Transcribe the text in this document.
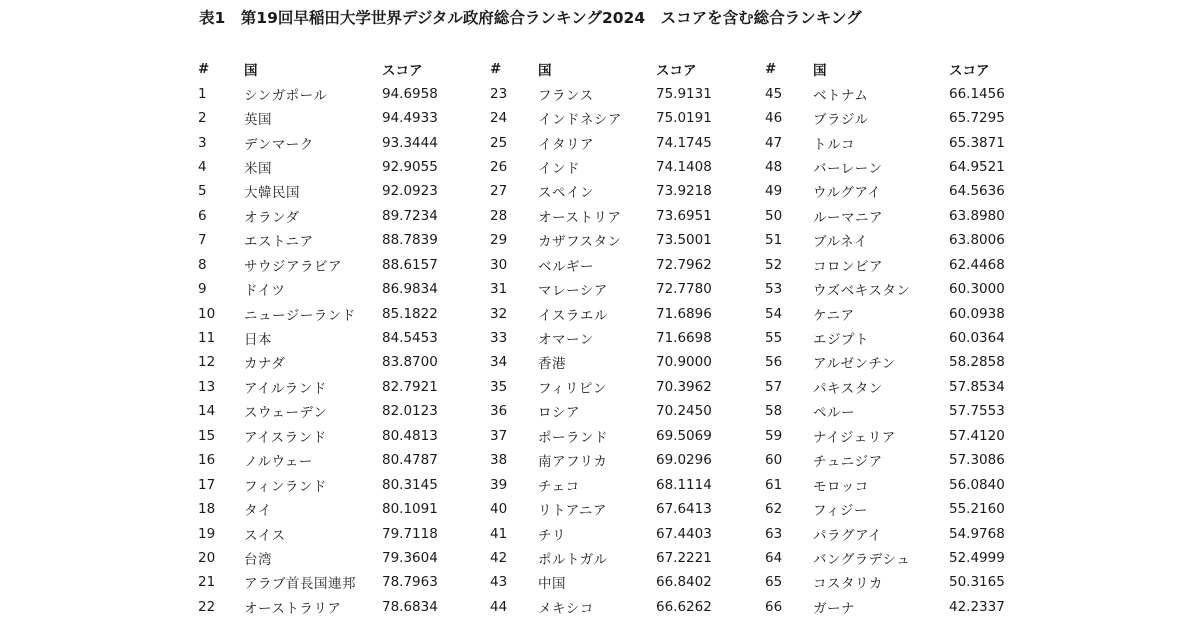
表1　第19回早稲田大学世界デジタル政府総合ランキング2024　スコアを含む総合ランキング
#	国	スコア
1	シンガポール	94.6958
2	英国	94.4933
3	デンマーク	93.3444
4	米国	92.9055
5	大韓民国	92.0923
6	オランダ	89.7234
7	エストニア	88.7839
8	サウジアラビア	88.6157
9	ドイツ	86.9834
10	ニュージーランド	85.1822
11	日本	84.5453
12	カナダ	83.8700
13	アイルランド	82.7921
14	スウェーデン	82.0123
15	アイスランド	80.4813
16	ノルウェー	80.4787
17	フィンランド	80.3145
18	タイ	80.1091
19	スイス	79.7118
20	台湾	79.3604
21	アラブ首長国連邦	78.7963
22	オーストラリア	78.6834
#	国	スコア
23	フランス	75.9131
24	インドネシア	75.0191
25	イタリア	74.1745
26	インド	74.1408
27	スペイン	73.9218
28	オーストリア	73.6951
29	カザフスタン	73.5001
30	ベルギー	72.7962
31	マレーシア	72.7780
32	イスラエル	71.6896
33	オマーン	71.6698
34	香港	70.9000
35	フィリピン	70.3962
36	ロシア	70.2450
37	ポーランド	69.5069
38	南アフリカ	69.0296
39	チェコ	68.1114
40	リトアニア	67.6413
41	チリ	67.4403
42	ポルトガル	67.2221
43	中国	66.8402
44	メキシコ	66.6262
#	国	スコア
45	ベトナム	66.1456
46	ブラジル	65.7295
47	トルコ	65.3871
48	バーレーン	64.9521
49	ウルグアイ	64.5636
50	ルーマニア	63.8980
51	ブルネイ	63.8006
52	コロンビア	62.4468
53	ウズベキスタン	60.3000
54	ケニア	60.0938
55	エジプト	60.0364
56	アルゼンチン	58.2858
57	パキスタン	57.8534
58	ペルー	57.7553
59	ナイジェリア	57.4120
60	チュニジア	57.3086
61	モロッコ	56.0840
62	フィジー	55.2160
63	パラグアイ	54.9768
64	バングラデシュ	52.4999
65	コスタリカ	50.3165
66	ガーナ	42.2337
